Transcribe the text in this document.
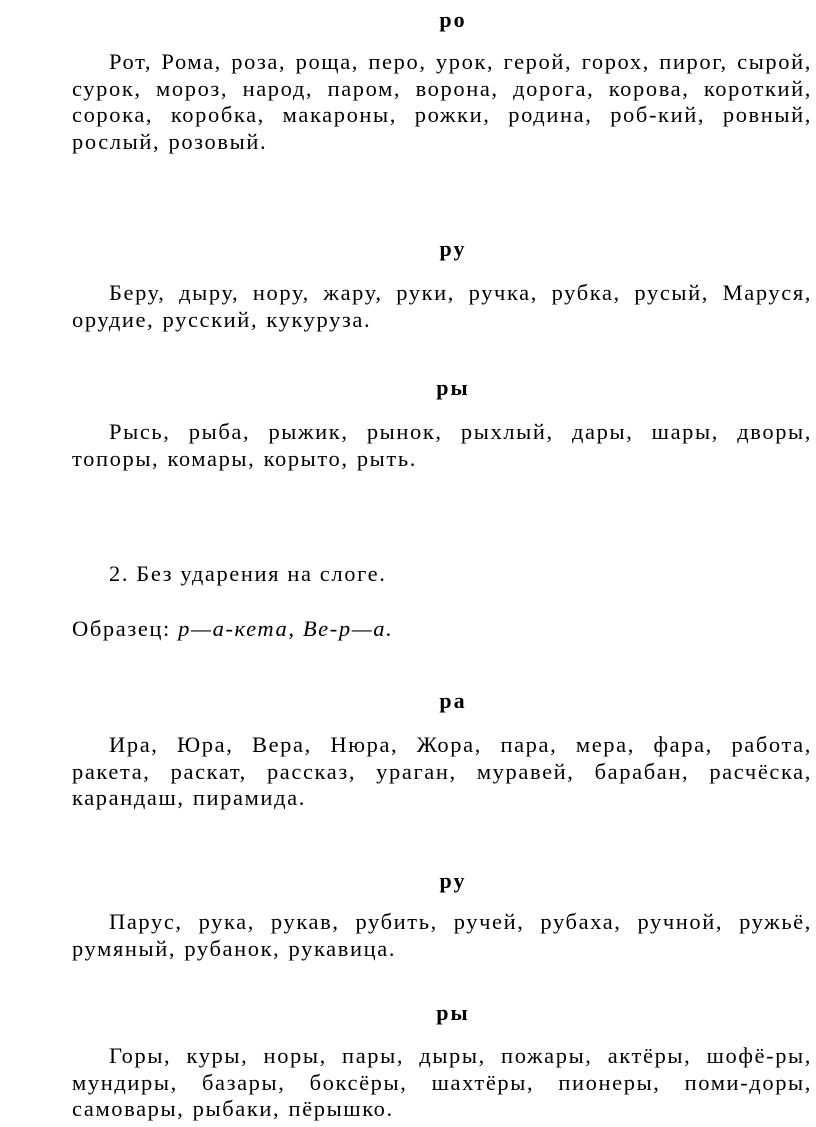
ро
Рот, Рома, роза, роща, перо, урок, герой, горох, пирог, сырой, сурок, мороз, народ, паром, ворона, дорога, корова, короткий, сорока, коробка, макароны, рожки, родина, роб-кий, ровный, рослый, розовый.
ру
Беру, дыру, нору, жару, руки, ручка, рубка, русый, Маруся, орудие, русский, кукуруза.
ры
Рысь, рыба, рыжик, рынок, рыхлый, дары, шары, дворы, топоры, комары, корыто, рыть.
2. Без ударения на слоге.
Образец: р—а-кета, Ве-р—а.
ра
Ира, Юра, Вера, Нюра, Жора, пара, мера, фара, работа, ракета, раскат, рассказ, ураган, муравей, барабан, расчёска, карандаш, пирамида.
ру
Парус, рука, рукав, рубить, ручей, рубаха, ручной, ружьё, румяный, рубанок, рукавица.
ры
Горы, куры, норы, пары, дыры, пожары, актёры, шофё-ры, мундиры, базары, боксёры, шахтёры, пионеры, поми-доры, самовары, рыбаки, пёрышко.
